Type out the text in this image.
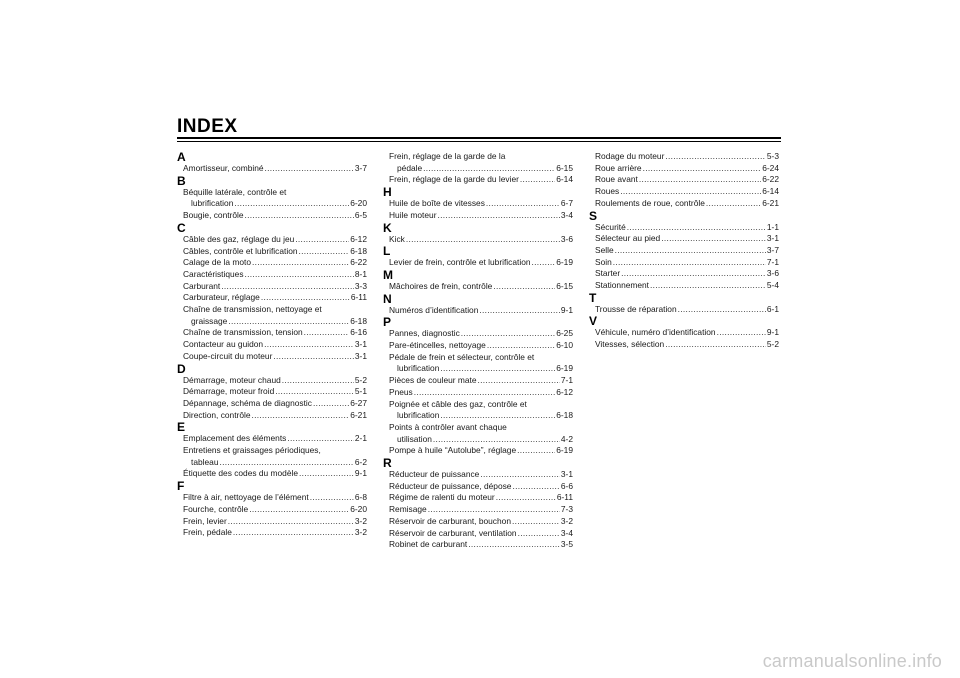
INDEX
A
Amortisseur, combiné .....	3-7
B
Béquille latérale, contrôle et
lubrification .....	6-20
Bougie, contrôle .....	6-5
C
Câble des gaz, réglage du jeu .....	6-12
Câbles, contrôle et lubrification .....	6-18
Calage de la moto .....	6-22
Caractéristiques .....	8-1
Carburant .....	3-3
Carburateur, réglage .....	6-11
Chaîne de transmission, nettoyage et
graissage .....	6-18
Chaîne de transmission, tension .....	6-16
Contacteur au guidon .....	3-1
Coupe-circuit du moteur .....	3-1
D
Démarrage, moteur chaud .....	5-2
Démarrage, moteur froid .....	5-1
Dépannage, schéma de diagnostic .....	6-27
Direction, contrôle .....	6-21
E
Emplacement des éléments .....	2-1
Entretiens et graissages périodiques,
tableau .....	6-2
Étiquette des codes du modèle .....	9-1
F
Filtre à air, nettoyage de l’élément .....	6-8
Fourche, contrôle .....	6-20
Frein, levier .....	3-2
Frein, pédale .....	3-2
Frein, réglage de la garde de la
pédale .....	6-15
Frein, réglage de la garde du levier .....	6-14
H
Huile de boîte de vitesses .....	6-7
Huile moteur .....	3-4
K
Kick .....	3-6
L
Levier de frein, contrôle et lubrification .....	6-19
M
Mâchoires de frein, contrôle .....	6-15
N
Numéros d’identification .....	9-1
P
Pannes, diagnostic .....	6-25
Pare-étincelles, nettoyage .....	6-10
Pédale de frein et sélecteur, contrôle et
lubrification .....	6-19
Pièces de couleur mate .....	7-1
Pneus .....	6-12
Poignée et câble des gaz, contrôle et
lubrification .....	6-18
Points à contrôler avant chaque
utilisation .....	4-2
Pompe à huile “Autolube”, réglage .....	6-19
R
Réducteur de puissance .....	3-1
Réducteur de puissance, dépose .....	6-6
Régime de ralenti du moteur .....	6-11
Remisage .....	7-3
Réservoir de carburant, bouchon .....	3-2
Réservoir de carburant, ventilation .....	3-4
Robinet de carburant .....	3-5
Rodage du moteur .....	5-3
Roue arrière .....	6-24
Roue avant .....	6-22
Roues .....	6-14
Roulements de roue, contrôle .....	6-21
S
Sécurité .....	1-1
Sélecteur au pied .....	3-1
Selle .....	3-7
Soin .....	7-1
Starter .....	3-6
Stationnement .....	5-4
T
Trousse de réparation .....	6-1
V
Véhicule, numéro d’identification .....	9-1
Vitesses, sélection .....	5-2
carmanualsonline.info
